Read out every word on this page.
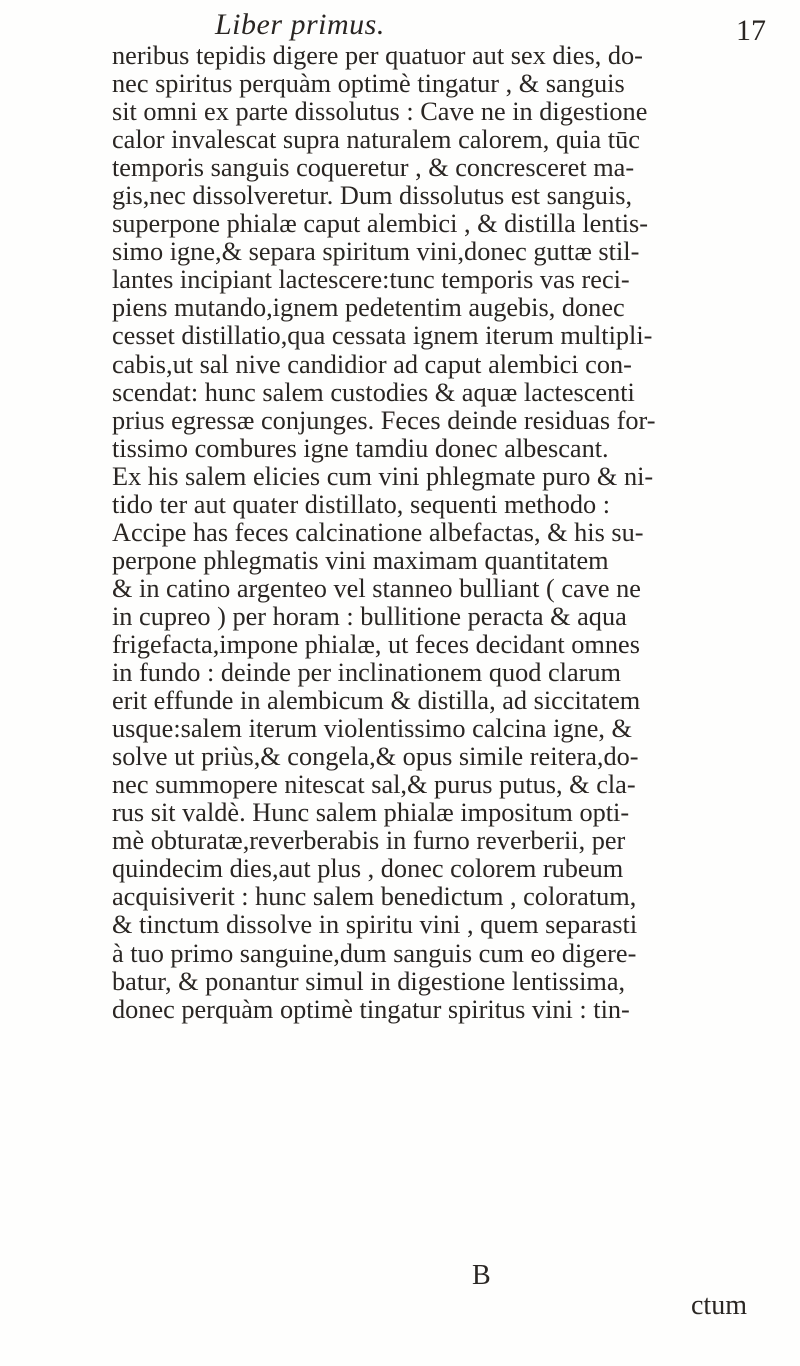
Liber primus.	17
neribus tepidis digere per quatuor aut sex dies, do-
nec spiritus perquàm optimè tingatur , & sanguis
sit omni ex parte dissolutus : Cave ne in digestione
calor invalescat supra naturalem calorem, quia tūc
temporis sanguis coqueretur , & concresceret ma-
gis,nec dissolveretur. Dum dissolutus est sanguis,
superpone phialæ caput alembici , & distilla lentis-
simo igne,& separa spiritum vini,donec guttæ stil-
lantes incipiant lactescere:tunc temporis vas reci-
piens mutando,ignem pedetentim augebis, donec
cesset distillatio,qua cessata ignem iterum multipli-
cabis,ut sal nive candidior ad caput alembici con-
scendat: hunc salem custodies & aquæ lactescenti
prius egressæ conjunges. Feces deinde residuas for-
tissimo combures igne tamdiu donec albescant.
Ex his salem elicies cum vini phlegmate puro & ni-
tido ter aut quater distillato, sequenti methodo :
Accipe has feces calcinatione albefactas, & his su-
perpone phlegmatis vini maximam quantitatem
& in catino argenteo vel stanneo bulliant ( cave ne
in cupreo ) per horam : bullitione peracta & aqua
frigefacta,impone phialæ, ut feces decidant omnes
in fundo : deinde per inclinationem quod clarum
erit effunde in alembicum & distilla, ad siccitatem
usque:salem iterum violentissimo calcina igne, &
solve ut priùs,& congela,& opus simile reitera,do-
nec summopere nitescat sal,& purus putus, & cla-
rus sit valdè. Hunc salem phialæ impositum opti-
mè obturatæ,reverberabis in furno reverberii, per
quindecim dies,aut plus , donec colorem rubeum
acquisiverit : hunc salem benedictum , coloratum,
& tinctum dissolve in spiritu vini , quem separasti
à tuo primo sanguine,dum sanguis cum eo digere-
batur, & ponantur simul in digestione lentissima,
donec perquàm optimè tingatur spiritus vini : tin-
B
ctum
